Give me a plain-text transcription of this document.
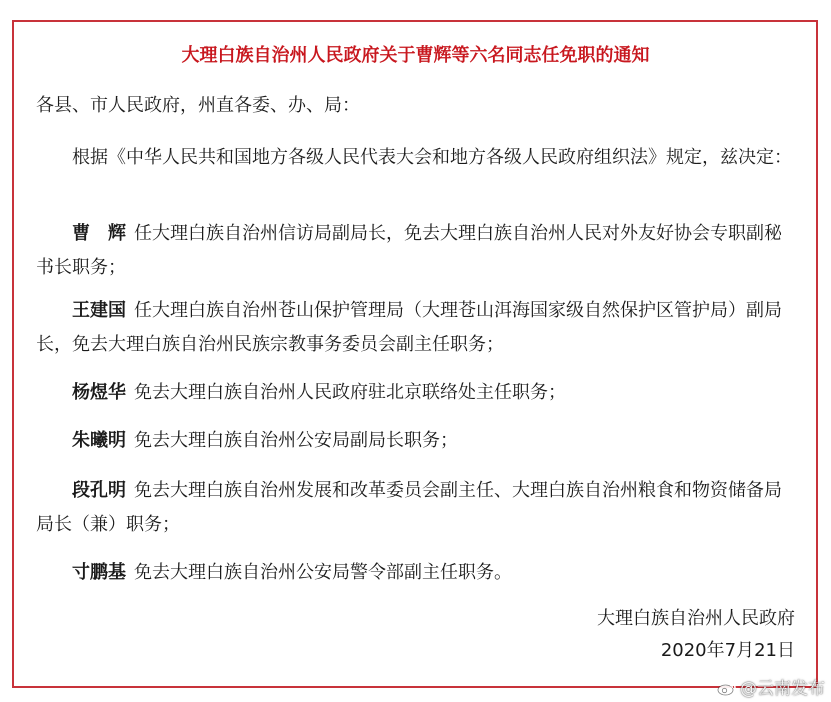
大理白族自治州人民政府关于曹辉等六名同志任免职的通知

各县、市人民政府，州直各委、办、局：

根据《中华人民共和国地方各级人民代表大会和地方各级人民政府组织法》规定，兹决定：

曹　辉 任大理白族自治州信访局副局长，免去大理白族自治州人民对外友好协会专职副秘书长职务；

王建国 任大理白族自治州苍山保护管理局（大理苍山洱海国家级自然保护区管护局）副局长，免去大理白族自治州民族宗教事务委员会副主任职务；

杨煜华 免去大理白族自治州人民政府驻北京联络处主任职务；

朱曦明 免去大理白族自治州公安局副局长职务；

段孔明 免去大理白族自治州发展和改革委员会副主任、大理白族自治州粮食和物资储备局局长（兼）职务；

寸鹏基 免去大理白族自治州公安局警令部副主任职务。

大理白族自治州人民政府
2020年7月21日
@云南发布
